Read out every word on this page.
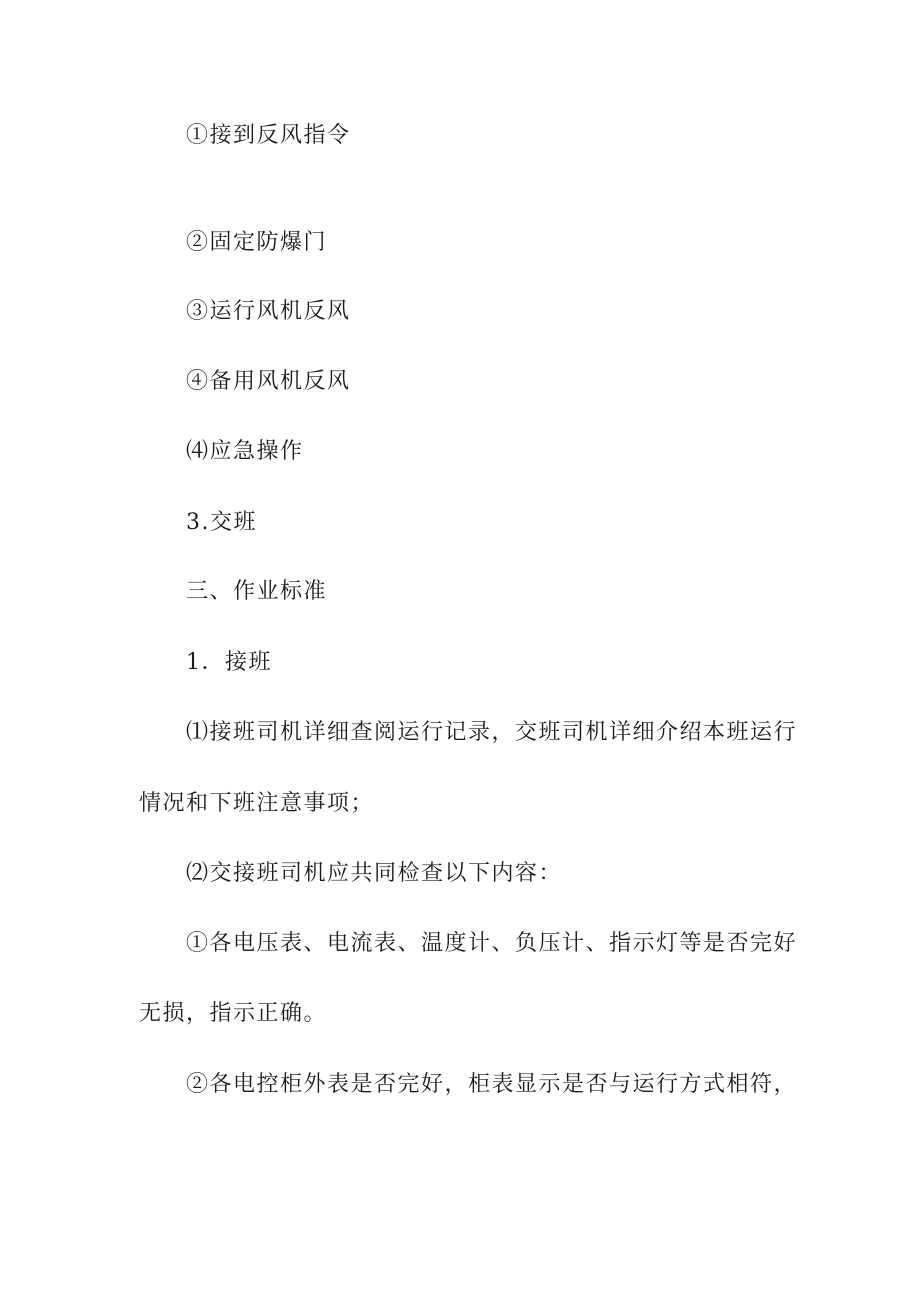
①接到反风指令
②固定防爆门
③运行风机反风
④备用风机反风
⑷应急操作
3.交班
三、作业标准
1．接班
⑴接班司机详细查阅运行记录，交班司机详细介绍本班运行
情况和下班注意事项；
⑵交接班司机应共同检查以下内容：
①各电压表、电流表、温度计、负压计、指示灯等是否完好
无损，指示正确。
②各电控柜外表是否完好，柜表显示是否与运行方式相符，
